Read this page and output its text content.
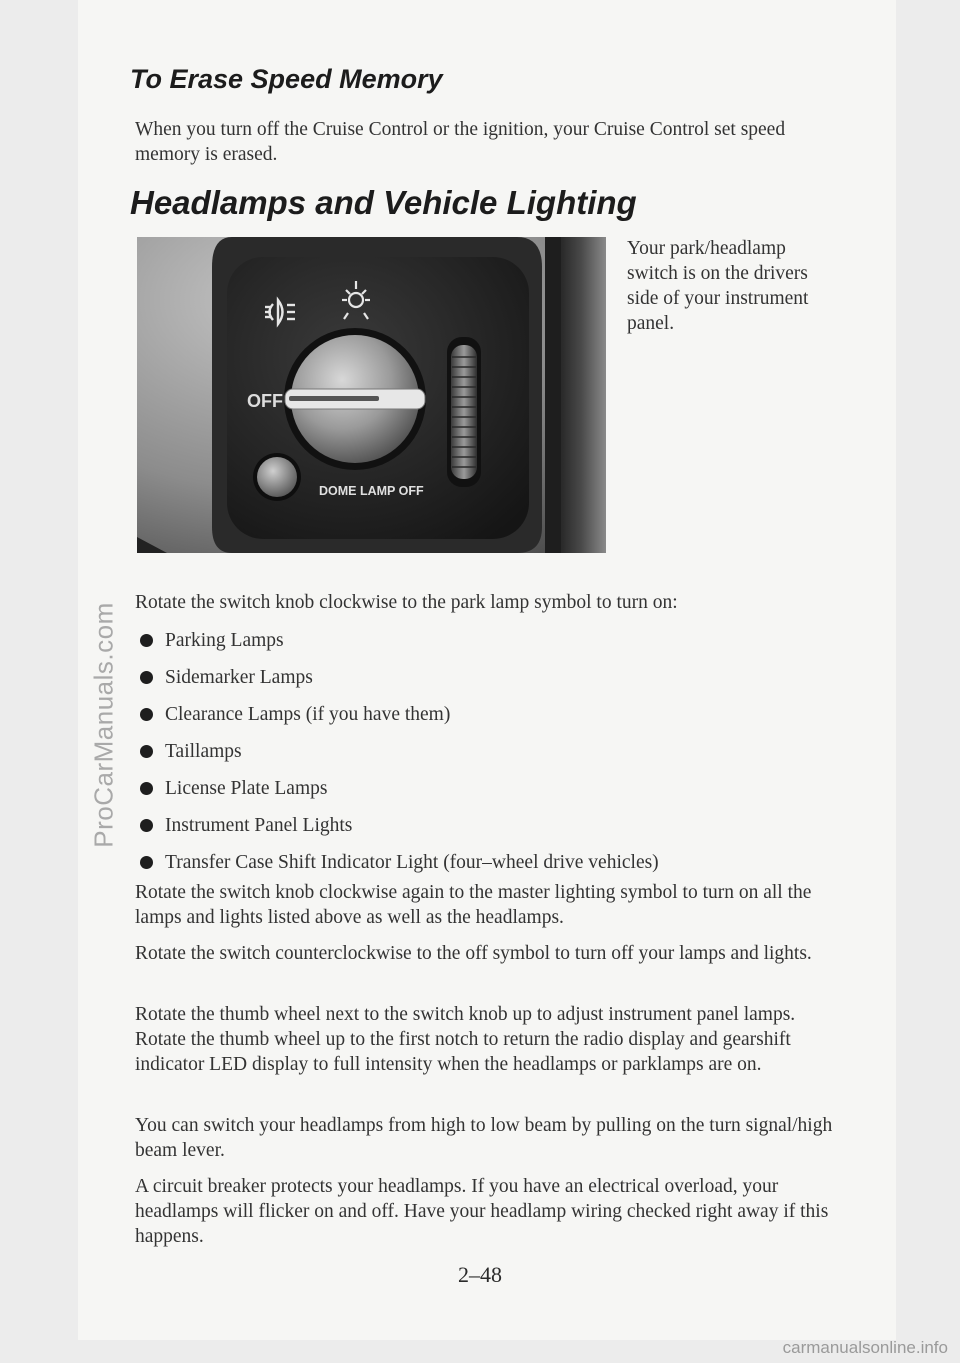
ProCarManuals.com
To Erase Speed Memory

When you turn off the Cruise Control or the ignition, your Cruise Control set speed memory is erased.

Headlamps and Vehicle Lighting
OFF
DOME LAMP OFF

Your park/headlamp switch is on the drivers side of your instrument panel.

Rotate the switch knob clockwise to the park lamp symbol to turn on:

Parking Lamps
Sidemarker Lamps
Clearance Lamps (if you have them)
Taillamps
License Plate Lamps
Instrument Panel Lights
Transfer Case Shift Indicator Light (four–wheel drive vehicles)

Rotate the switch knob clockwise again to the master lighting symbol to turn on all the lamps and lights listed above as well as the headlamps.

Rotate the switch counterclockwise to the off symbol to turn off your lamps and lights.

Rotate the thumb wheel next to the switch knob up to adjust instrument panel lamps. Rotate the thumb wheel up to the first notch to return the radio display and gearshift indicator LED display to full intensity when the headlamps or parklamps are on.

You can switch your headlamps from high to low beam by pulling on the turn signal/high beam lever.

A circuit breaker protects your headlamps. If you have an electrical overload, your headlamps will flicker on and off. Have your headlamp wiring checked right away if this happens.

2–48
carmanualsonline.info
